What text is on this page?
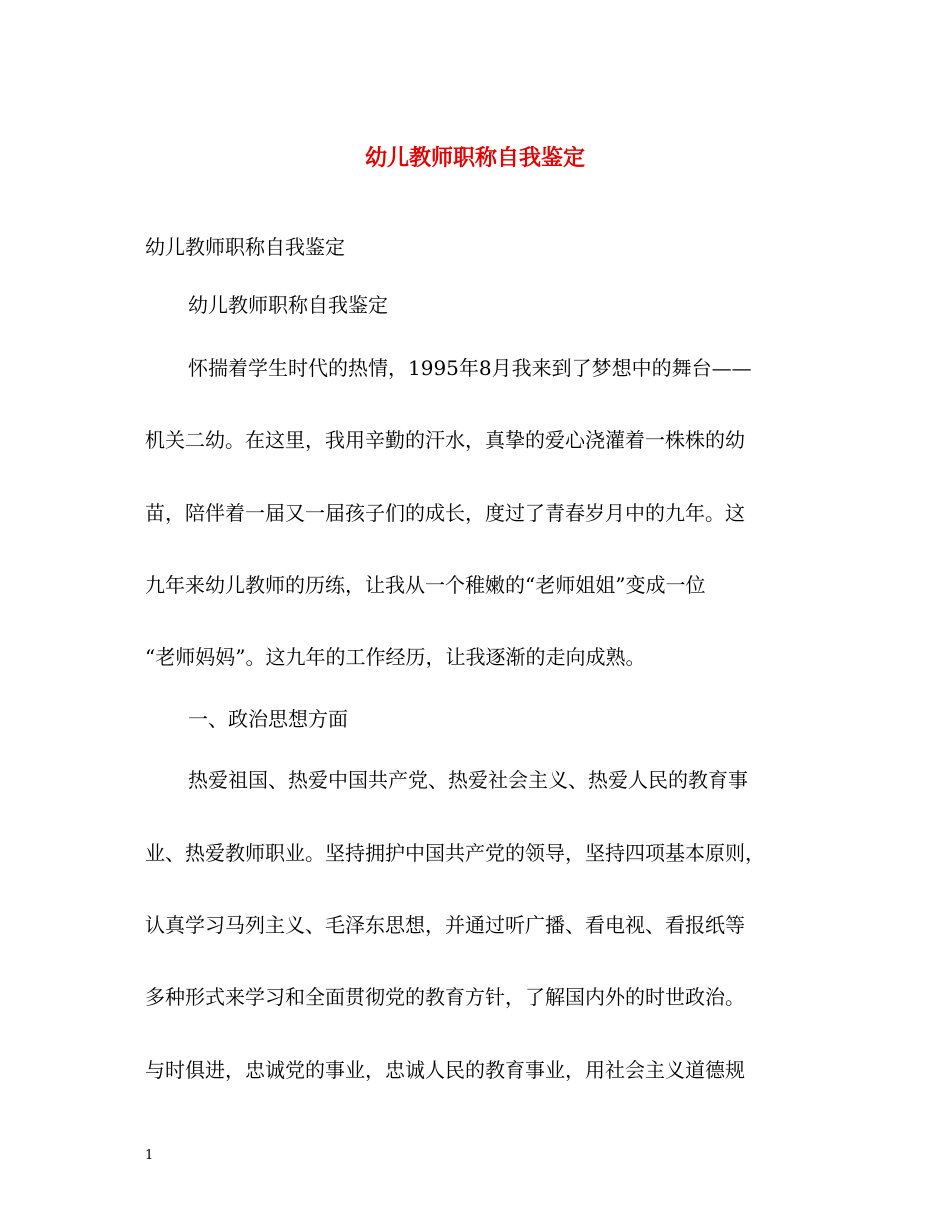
幼儿教师职称自我鉴定

幼儿教师职称自我鉴定

幼儿教师职称自我鉴定

怀揣着学生时代的热情，1995年8月我来到了梦想中的舞台——

机关二幼。在这里，我用辛勤的汗水，真挚的爱心浇灌着一株株的幼

苗，陪伴着一届又一届孩子们的成长，度过了青春岁月中的九年。这

九年来幼儿教师的历练，让我从一个稚嫩的“老师姐姐”变成一位

“老师妈妈”。这九年的工作经历，让我逐渐的走向成熟。

一、政治思想方面

热爱祖国、热爱中国共产党、热爱社会主义、热爱人民的教育事

业、热爱教师职业。坚持拥护中国共产党的领导，坚持四项基本原则，

认真学习马列主义、毛泽东思想，并通过听广播、看电视、看报纸等

多种形式来学习和全面贯彻党的教育方针，了解国内外的时世政治。

与时俱进，忠诚党的事业，忠诚人民的教育事业，用社会主义道德规

1
